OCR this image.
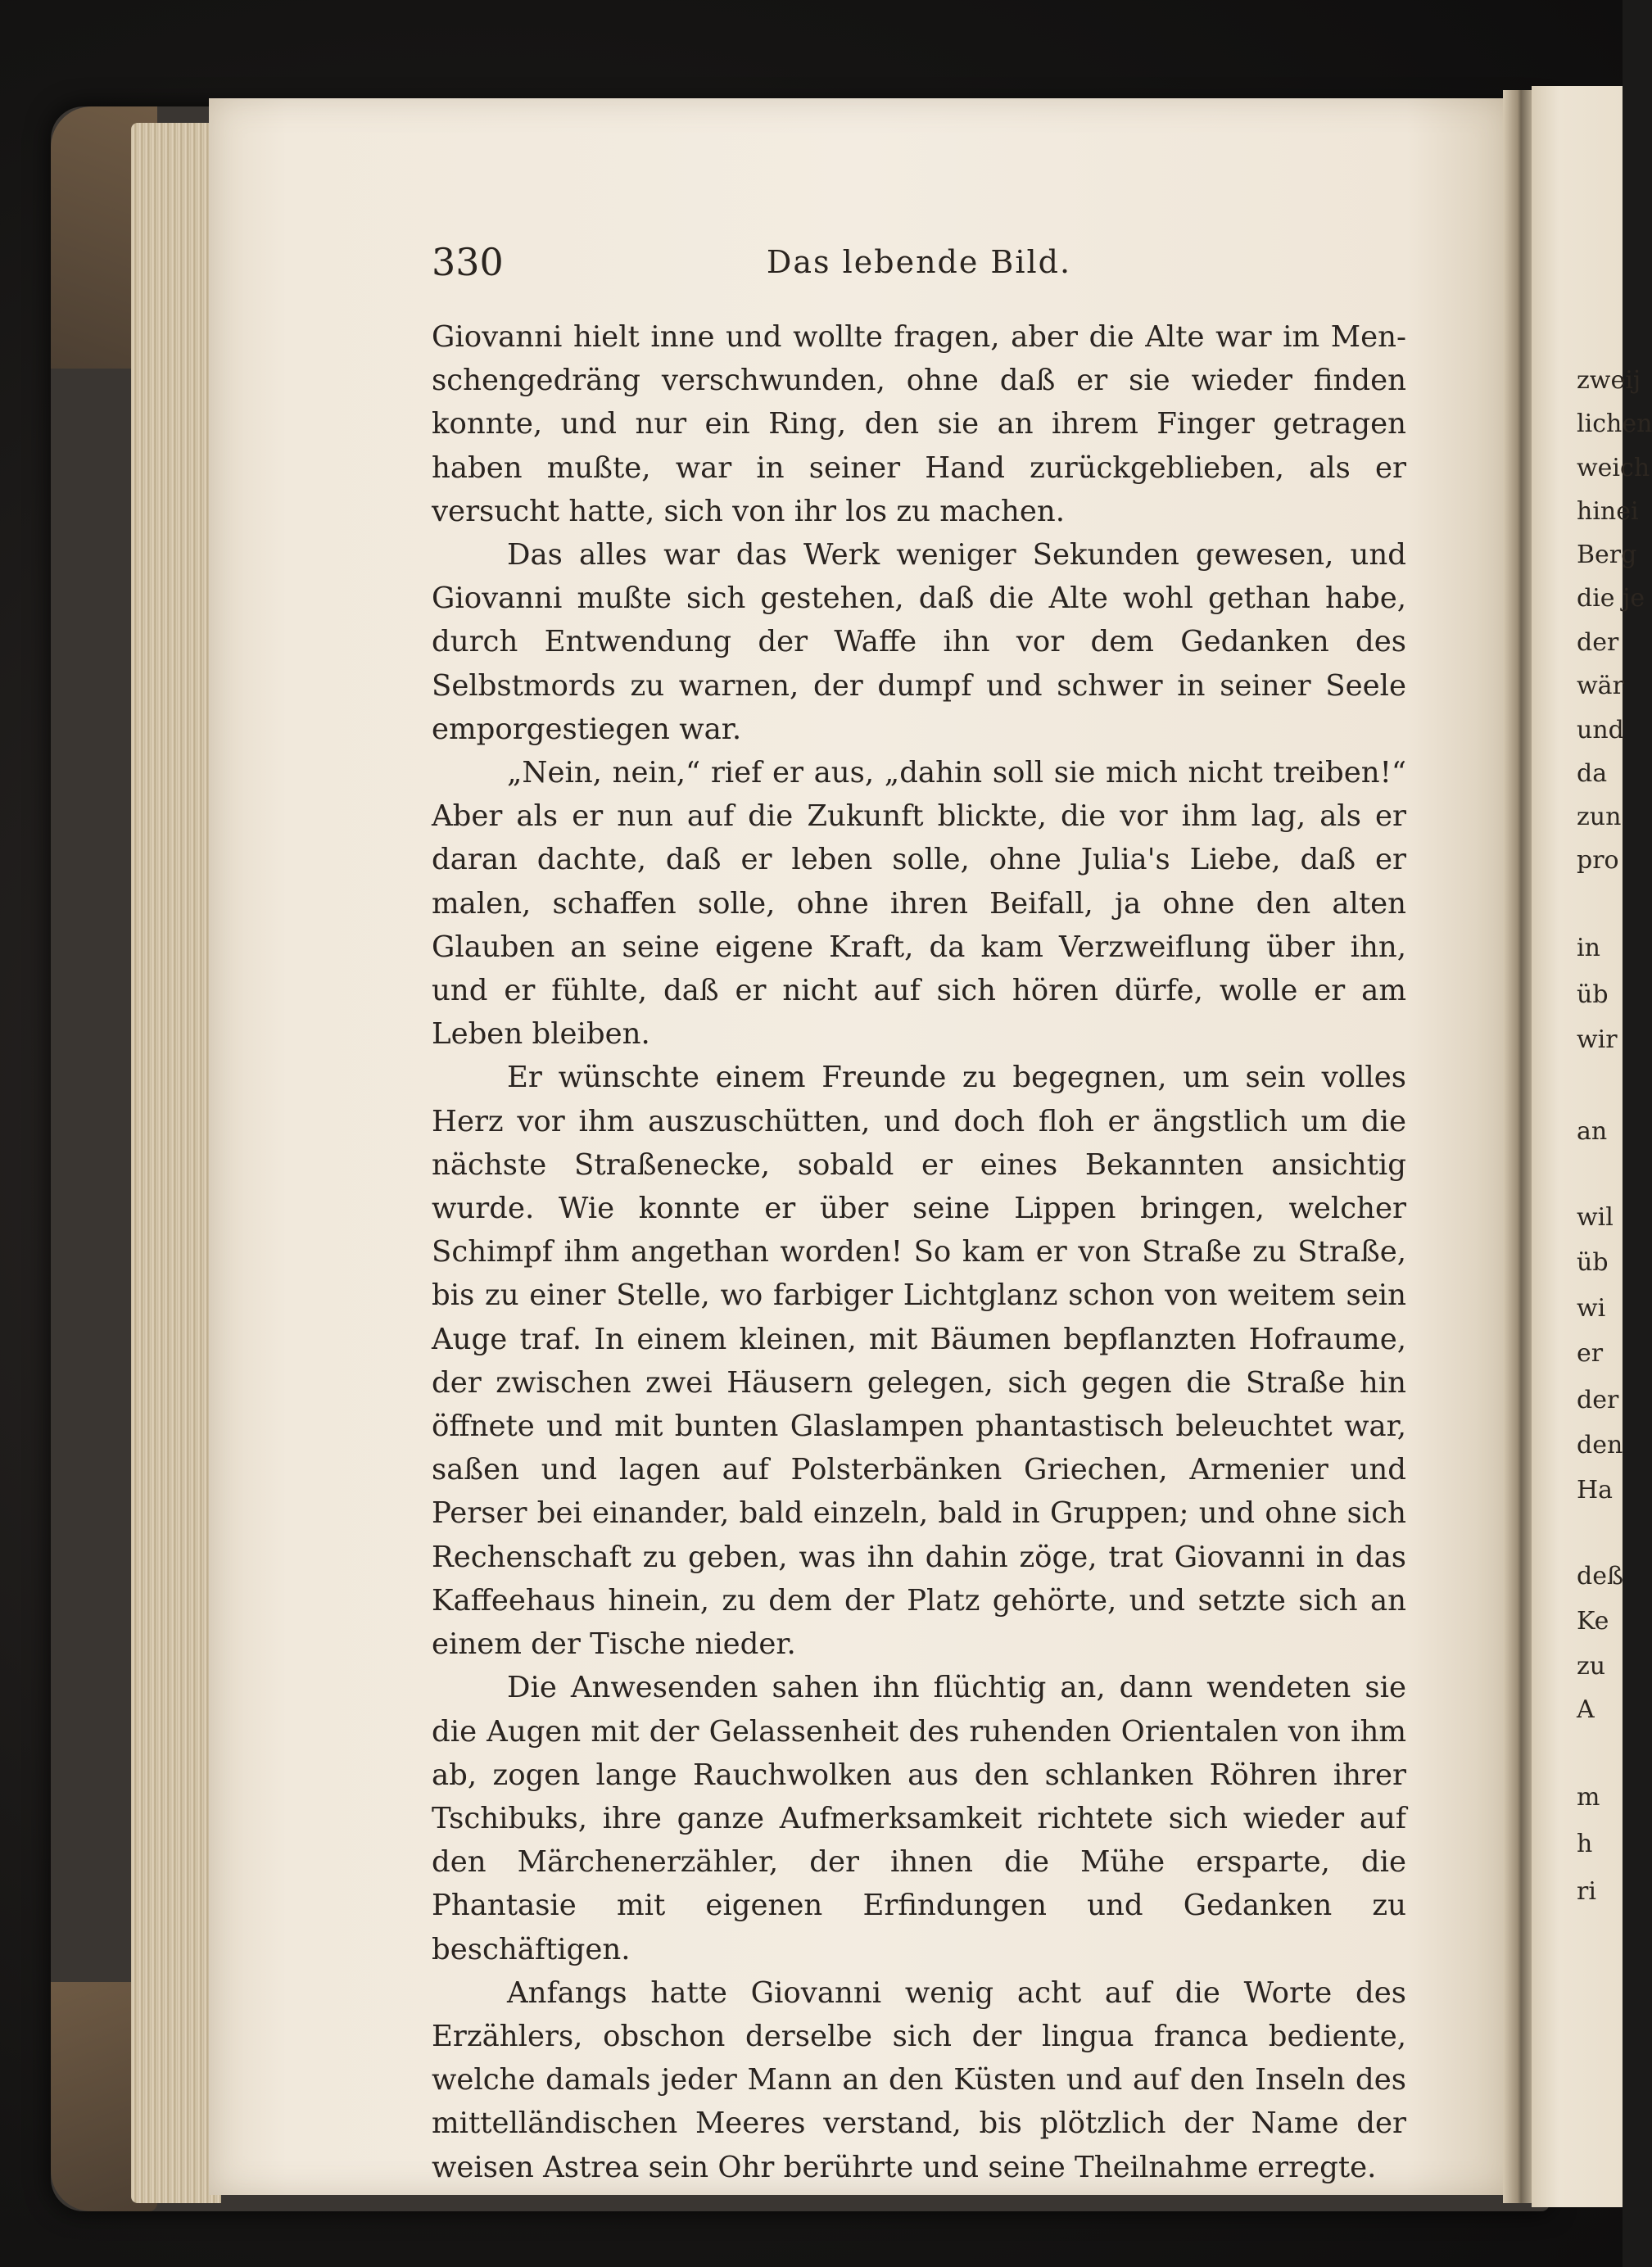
330	Das lebende Bild.

Giovanni hielt inne und wollte fragen, aber die Alte war im Menschengedräng verschwunden, ohne daß er sie wieder finden konnte, und nur ein Ring, den sie an ihrem Finger getragen haben mußte, war in seiner Hand zurückgeblieben, als er versucht hatte, sich von ihr los zu machen.

Das alles war das Werk weniger Sekunden gewesen, und Giovanni mußte sich gestehen, daß die Alte wohl gethan habe, durch Entwendung der Waffe ihn vor dem Gedanken des Selbstmords zu warnen, der dumpf und schwer in seiner Seele emporgestiegen war.

„Nein, nein,“ rief er aus, „dahin soll sie mich nicht treiben!“ Aber als er nun auf die Zukunft blickte, die vor ihm lag, als er daran dachte, daß er leben solle, ohne Julia's Liebe, daß er malen, schaffen solle, ohne ihren Beifall, ja ohne den alten Glauben an seine eigene Kraft, da kam Verzweiflung über ihn, und er fühlte, daß er nicht auf sich hören dürfe, wolle er am Leben bleiben.

Er wünschte einem Freunde zu begegnen, um sein volles Herz vor ihm auszuschütten, und doch floh er ängstlich um die nächste Straßenecke, sobald er eines Bekannten ansichtig wurde. Wie konnte er über seine Lippen bringen, welcher Schimpf ihm angethan worden! So kam er von Straße zu Straße, bis zu einer Stelle, wo farbiger Lichtglanz schon von weitem sein Auge traf. In einem kleinen, mit Bäumen bepflanzten Hofraume, der zwischen zwei Häusern gelegen, sich gegen die Straße hin öffnete und mit bunten Glaslampen phantastisch beleuchtet war, saßen und lagen auf Polsterbänken Griechen, Armenier und Perser bei einander, bald einzeln, bald in Gruppen; und ohne sich Rechenschaft zu geben, was ihn dahin zöge, trat Giovanni in das Kaffeehaus hinein, zu dem der Platz gehörte, und setzte sich an einem der Tische nieder.

Die Anwesenden sahen ihn flüchtig an, dann wendeten sie die Augen mit der Gelassenheit des ruhenden Orientalen von ihm ab, zogen lange Rauchwolken aus den schlanken Röhren ihrer Tschibuks, ihre ganze Aufmerksamkeit richtete sich wieder auf den Märchenerzähler, der ihnen die Mühe ersparte, die Phantasie mit eigenen Erfindungen und Gedanken zu beschäftigen.

Anfangs hatte Giovanni wenig acht auf die Worte des Erzählers, obschon derselbe sich der lingua franca bediente, welche damals jeder Mann an den Küsten und auf den Inseln des mittelländischen Meeres verstand, bis plötzlich der Name der weisen Astrea sein Ohr berührte und seine Theilnahme erregte.

zweij
lichen
weich
hinei
Berg
die je
der
wär
und
da
zun
pro
in
üb
wir
an
wil
üb
wi
er
der
den
Ha
deß
Ke
zu
A
m
h
ri
